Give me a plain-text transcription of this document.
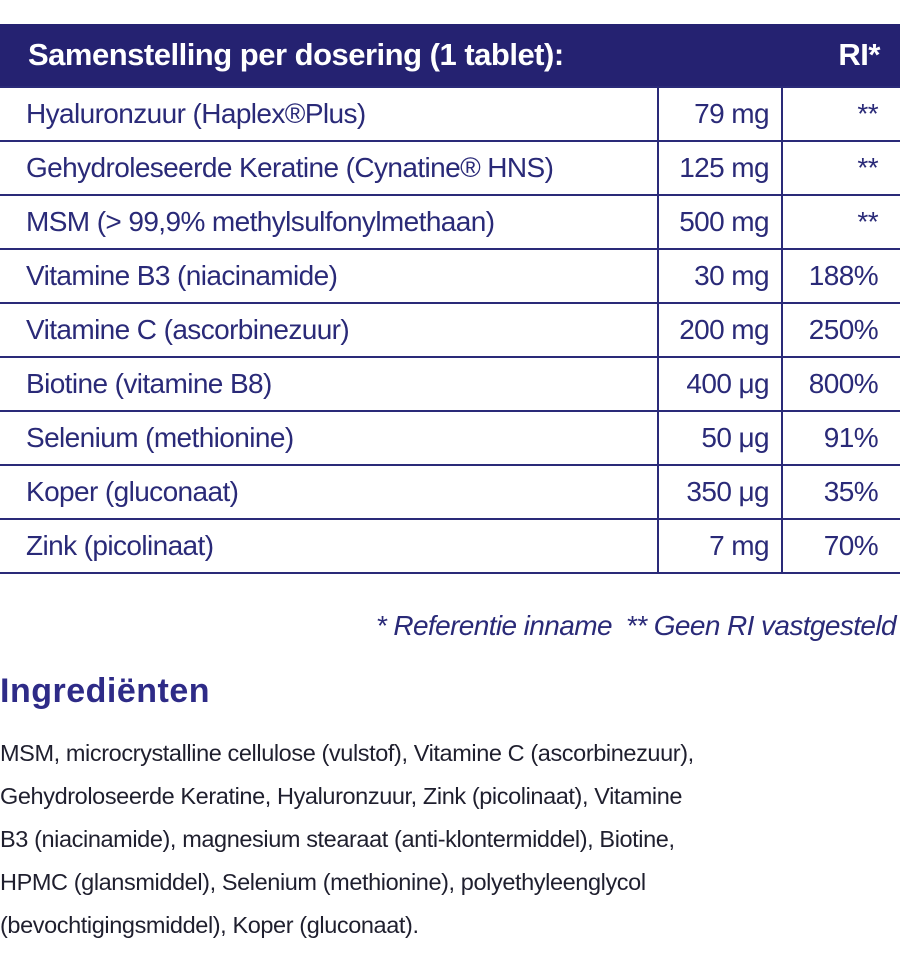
Samenstelling per dosering (1 tablet):		RI*
Hyaluronzuur (Haplex®Plus)	79 mg	**
Gehydroleseerde Keratine (Cynatine® HNS)	125 mg	**
MSM (> 99,9% methylsulfonylmethaan)	500 mg	**
Vitamine B3 (niacinamide)	30 mg	188%
Vitamine C (ascorbinezuur)	200 mg	250%
Biotine (vitamine B8)	400 μg	800%
Selenium (methionine)	50 μg	91%
Koper (gluconaat)	350 μg	35%
Zink (picolinaat)	7 mg	70%
* Referentie inname ** Geen RI vastgesteld
Ingrediënten

MSM, microcrystalline cellulose (vulstof), Vitamine C (ascorbinezuur),
Gehydroloseerde Keratine, Hyaluronzuur, Zink (picolinaat), Vitamine
B3 (niacinamide), magnesium stearaat (anti-klontermiddel), Biotine,
HPMC (glansmiddel), Selenium (methionine), polyethyleenglycol
(bevochtigingsmiddel), Koper (gluconaat).
